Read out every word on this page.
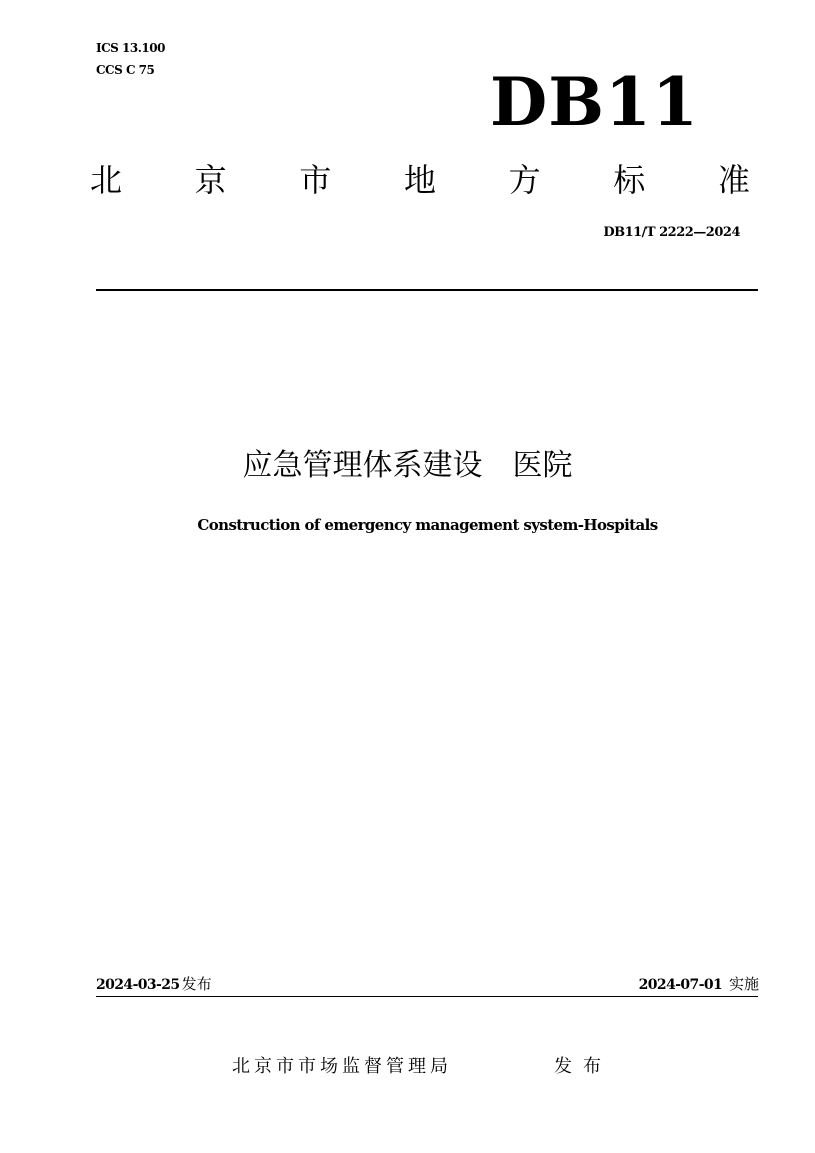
ICS 13.100
CCS C 75	DB11
北 京 市 地 方 标 准
DB11/T 2222—2024
应急管理体系建设　医院
Construction of emergency management system-Hospitals
2024-03-25 发布	2024-07-01 实施
北京市市场监督管理局	发布
